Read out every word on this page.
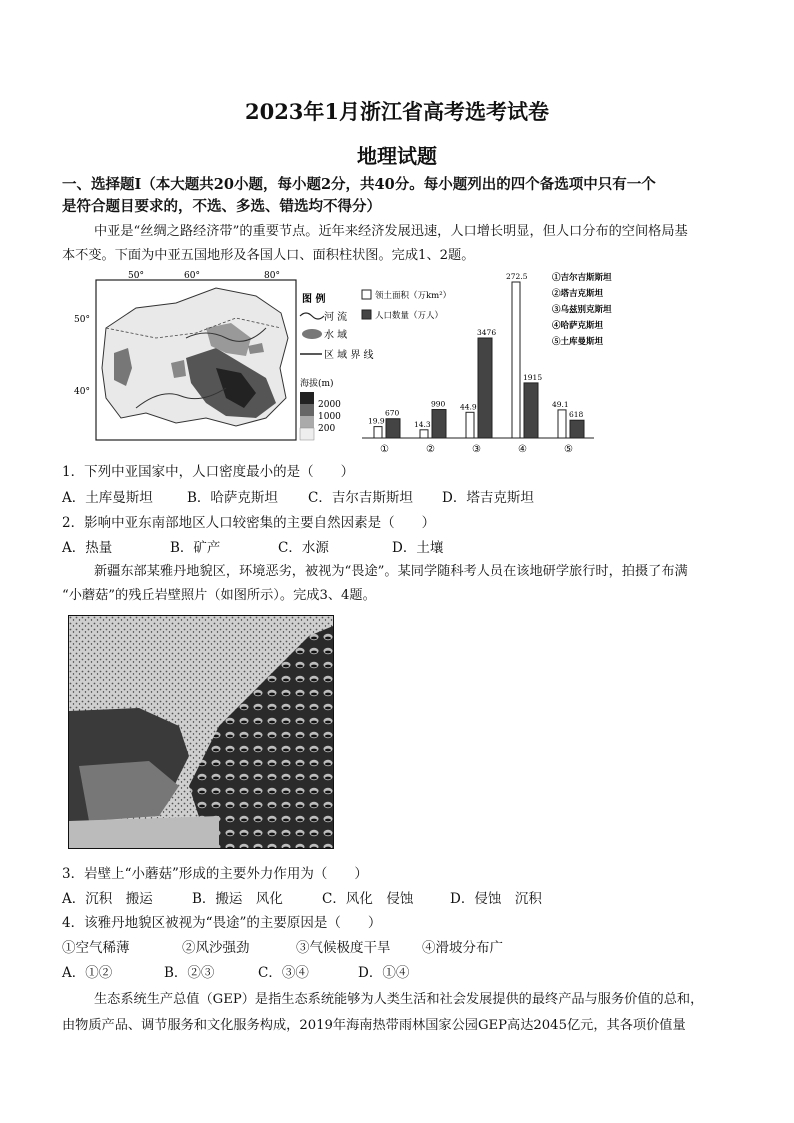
2023年1月浙江省高考选考试卷
地理试题
一、选择题Ⅰ（本大题共20小题，每小题2分，共40分。每小题列出的四个备选项中只有一个
是符合题目要求的，不选、多选、错选均不得分）
中亚是“丝绸之路经济带”的重要节点。近年来经济发展迅速，人口增长明显，但人口分布的空间格局基
本不变。下面为中亚五国地形及各国人口、面积柱状图。完成1、2题。
50°	60°	80°
50°
40°
图 例
河 流
水 域
区 域 界 线
海拔(m)
2000
1000
200
领土面积（万km²）
人口数量（万人）
①吉尔吉斯斯坦
②塔吉克斯坦
③乌兹别克斯坦
④哈萨克斯坦
⑤土库曼斯坦
19.9
670
①
14.3
990
②
44.9
3476
③
272.5
1915
④
49.1
618
⑤
1．下列中亚国家中，人口密度最小的是（　　）
A．土库曼斯坦	B．哈萨克斯坦 C．吉尔吉斯斯坦 D．塔吉克斯坦
2．影响中亚东南部地区人口较密集的主要自然因素是（　　）
A．热量	B．矿产	C．水源	D．土壤
新疆东部某雅丹地貌区，环境恶劣，被视为“畏途”。某同学随科考人员在该地研学旅行时，拍摄了布满
“小蘑菇”的残丘岩壁照片（如图所示）。完成3、4题。
3．岩壁上“小蘑菇”形成的主要外力作用为（　　）
A．沉积　搬运	B．搬运　风化	C．风化　侵蚀	D．侵蚀　沉积
4．该雅丹地貌区被视为“畏途”的主要原因是（　　）
①空气稀薄	②风沙强劲	③气候极度干旱 ④滑坡分布广
A．①②	B．②③	C．③④	D．①④
生态系统生产总值（GEP）是指生态系统能够为人类生活和社会发展提供的最终产品与服务价值的总和，
由物质产品、调节服务和文化服务构成，2019年海南热带雨林国家公园GEP高达2045亿元，其各项价值量
